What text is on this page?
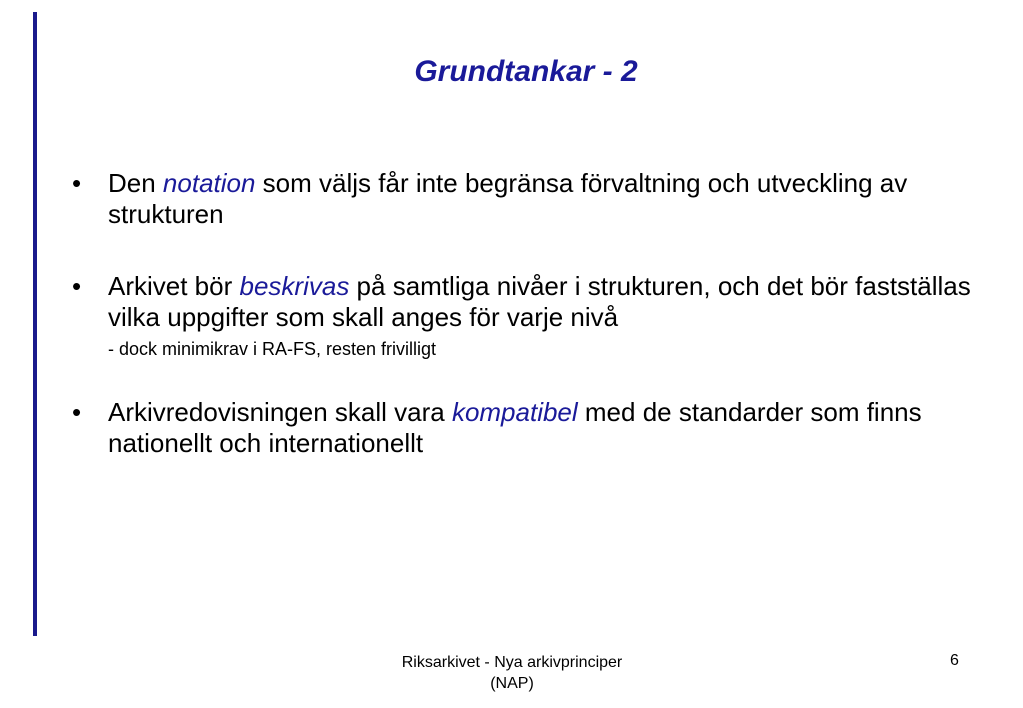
Grundtankar - 2
• Den notation som väljs får inte begränsa förvaltning och utveckling av strukturen
• Arkivet bör beskrivas på samtliga nivåer i strukturen, och det bör fastställas vilka uppgifter som skall anges för varje nivå
- dock minimikrav i RA-FS, resten frivilligt
• Arkivredovisningen skall vara kompatibel med de standarder som finns nationellt och internationellt
Riksarkivet - Nya arkivprinciper
(NAP)
6
